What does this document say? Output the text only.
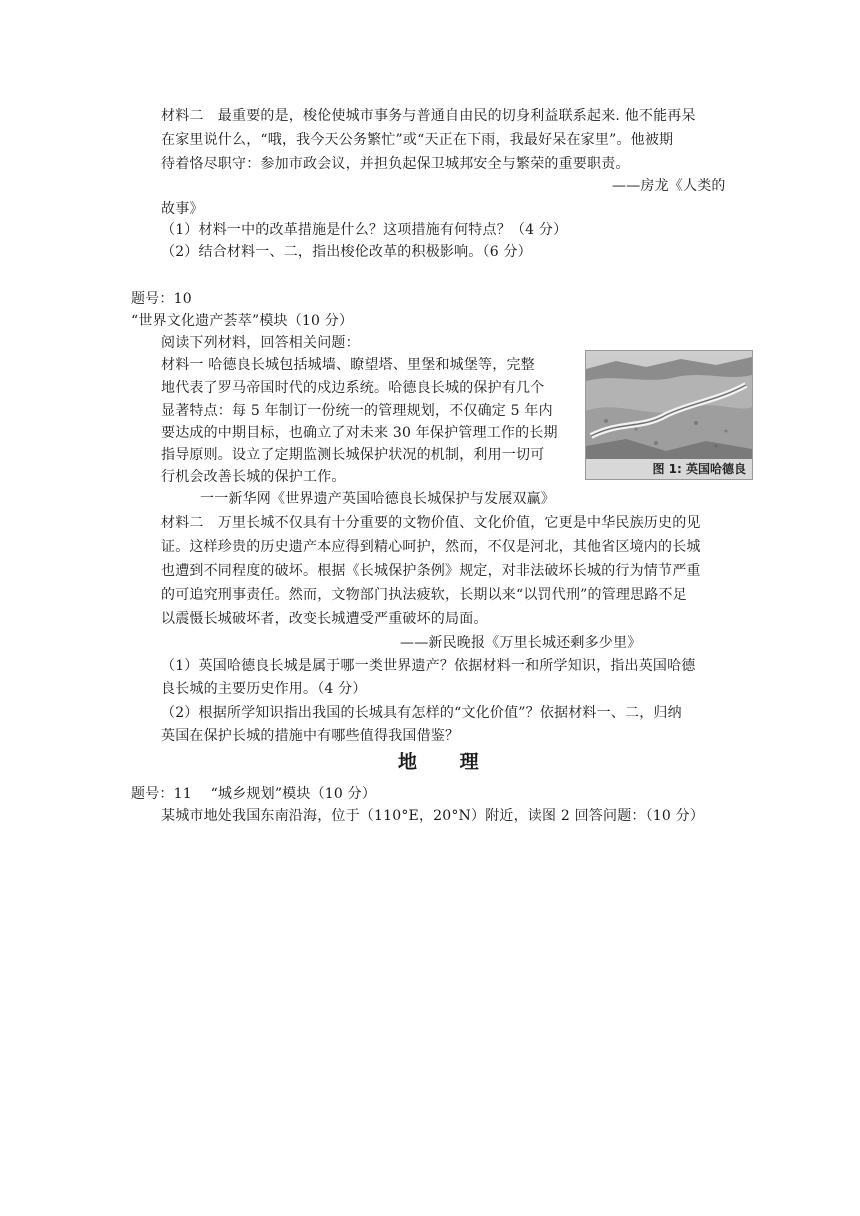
材料二　最重要的是，梭伦使城市事务与普通自由民的切身利益联系起来. 他不能再呆
在家里说什么，“哦，我今天公务繁忙”或“天正在下雨，我最好呆在家里”。他被期
待着恪尽职守：参加市政会议，并担负起保卫城邦安全与繁荣的重要职责。
——房龙《人类的
故事》
（1）材料一中的改革措施是什么？这项措施有何特点？（4 分）
（2）结合材料一、二，指出梭伦改革的积极影响。（6 分）
题号：10
“世界文化遗产荟萃”模块（10 分）
阅读下列材料，回答相关问题：
材料一 哈德良长城包括城墙、瞭望塔、里堡和城堡等，完整
地代表了罗马帝国时代的戍边系统。哈德良长城的保护有几个
显著特点：每 5 年制订一份统一的管理规划，不仅确定 5 年内
要达成的中期目标，也确立了对未来 30 年保护管理工作的长期
指导原则。设立了定期监测长城保护状况的机制，利用一切可
行机会改善长城的保护工作。
一一新华网《世界遗产英国哈德良长城保护与发展双赢》
图 1: 英国哈德良
材料二　万里长城不仅具有十分重要的文物价值、文化价值，它更是中华民族历史的见
证。这样珍贵的历史遗产本应得到精心呵护，然而，不仅是河北，其他省区境内的长城
也遭到不同程度的破坏。根据《长城保护条例》规定，对非法破坏长城的行为情节严重
的可追究刑事责任。然而，文物部门执法疲软，长期以来“以罚代刑”的管理思路不足
以震慑长城破坏者，改变长城遭受严重破坏的局面。
——新民晚报《万里长城还剩多少里》
（1）英国哈德良长城是属于哪一类世界遗产？依据材料一和所学知识，指出英国哈德
良长城的主要历史作用。（4 分）
（2）根据所学知识指出我国的长城具有怎样的“文化价值”？依据材料一、二，归纳
英国在保护长城的措施中有哪些值得我国借鉴？
地 理
题号：11　 “城乡规划”模块（10 分）
某城市地处我国东南沿海，位于（110°E，20°N）附近，读图 2 回答问题：（10 分）
